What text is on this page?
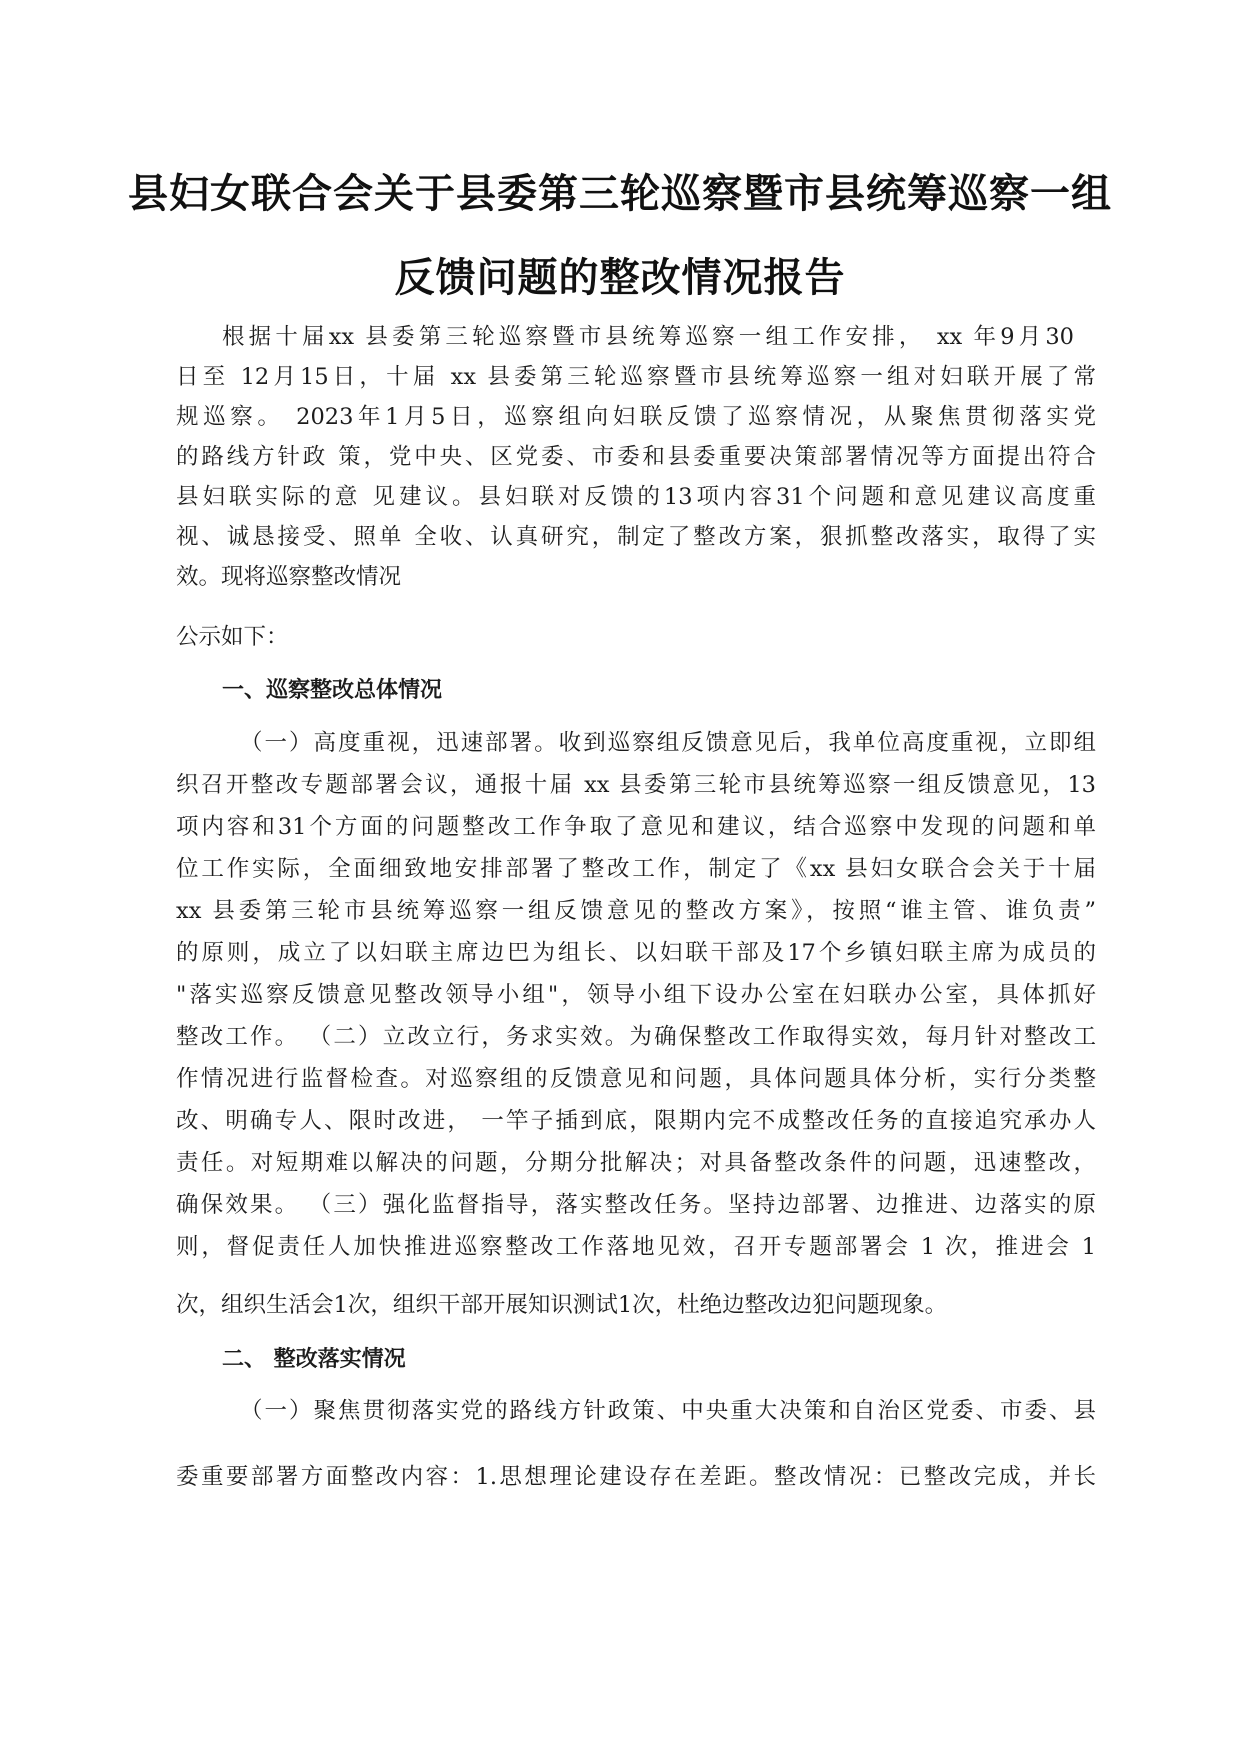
县妇女联合会关于县委第三轮巡察暨市县统筹巡察一组
反馈问题的整改情况报告
根据十届xx 县委第三轮巡察暨市县统筹巡察一组工作安排， xx 年9月30
日至 12月15日，十届 xx 县委第三轮巡察暨市县统筹巡察一组对妇联开展了常
规巡察。 2023年1月5日，巡察组向妇联反馈了巡察情况，从聚焦贯彻落实党
的路线方针政 策，党中央、区党委、市委和县委重要决策部署情况等方面提出符合
县妇联实际的意 见建议。县妇联对反馈的13项内容31个问题和意见建议高度重
视、诚恳接受、照单 全收、认真研究，制定了整改方案，狠抓整改落实，取得了实
效。现将巡察整改情况
公示如下：
一、巡察整改总体情况
（一）高度重视，迅速部署。收到巡察组反馈意见后，我单位高度重视，立即组
织召开整改专题部署会议，通报十届 xx 县委第三轮市县统筹巡察一组反馈意见，13
项内容和31个方面的问题整改工作争取了意见和建议，结合巡察中发现的问题和单
位工作实际，全面细致地安排部署了整改工作，制定了《xx 县妇女联合会关于十届
xx 县委第三轮市县统筹巡察一组反馈意见的整改方案》，按照“谁主管、谁负责”
的原则，成立了以妇联主席边巴为组长、以妇联干部及17个乡镇妇联主席为成员的
"落实巡察反馈意见整改领导小组"，领导小组下设办公室在妇联办公室，具体抓好
整改工作。 （二）立改立行，务求实效。为确保整改工作取得实效，每月针对整改工
作情况进行监督检查。对巡察组的反馈意见和问题，具体问题具体分析，实行分类整
改、明确专人、限时改进， 一竿子插到底，限期内完不成整改任务的直接追究承办人
责任。对短期难以解决的问题，分期分批解决；对具备整改条件的问题，迅速整改，
确保效果。 （三）强化监督指导，落实整改任务。坚持边部署、边推进、边落实的原
则，督促责任人加快推进巡察整改工作落地见效，召开专题部署会 1 次，推进会 1
次，组织生活会1次，组织干部开展知识测试1次，杜绝边整改边犯问题现象。
二、 整改落实情况
（一）聚焦贯彻落实党的路线方针政策、中央重大决策和自治区党委、市委、县
委重要部署方面整改内容：1.思想理论建设存在差距。整改情况：已整改完成，并长
